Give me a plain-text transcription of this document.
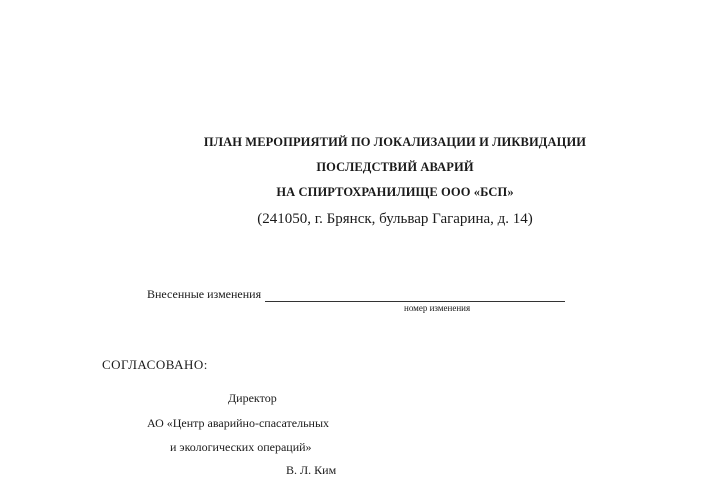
ПЛАН МЕРОПРИЯТИЙ ПО ЛОКАЛИЗАЦИИ И ЛИКВИДАЦИИ
ПОСЛЕДСТВИЙ АВАРИЙ
НА СПИРТОХРАНИЛИЩЕ ООО «БСП»
(241050, г. Брянск, бульвар Гагарина, д. 14)
Внесенные изменения
номер изменения
СОГЛАСОВАНО:
Директор
АО «Центр аварийно-спасательных
и экологических операций»
В. Л. Ким
